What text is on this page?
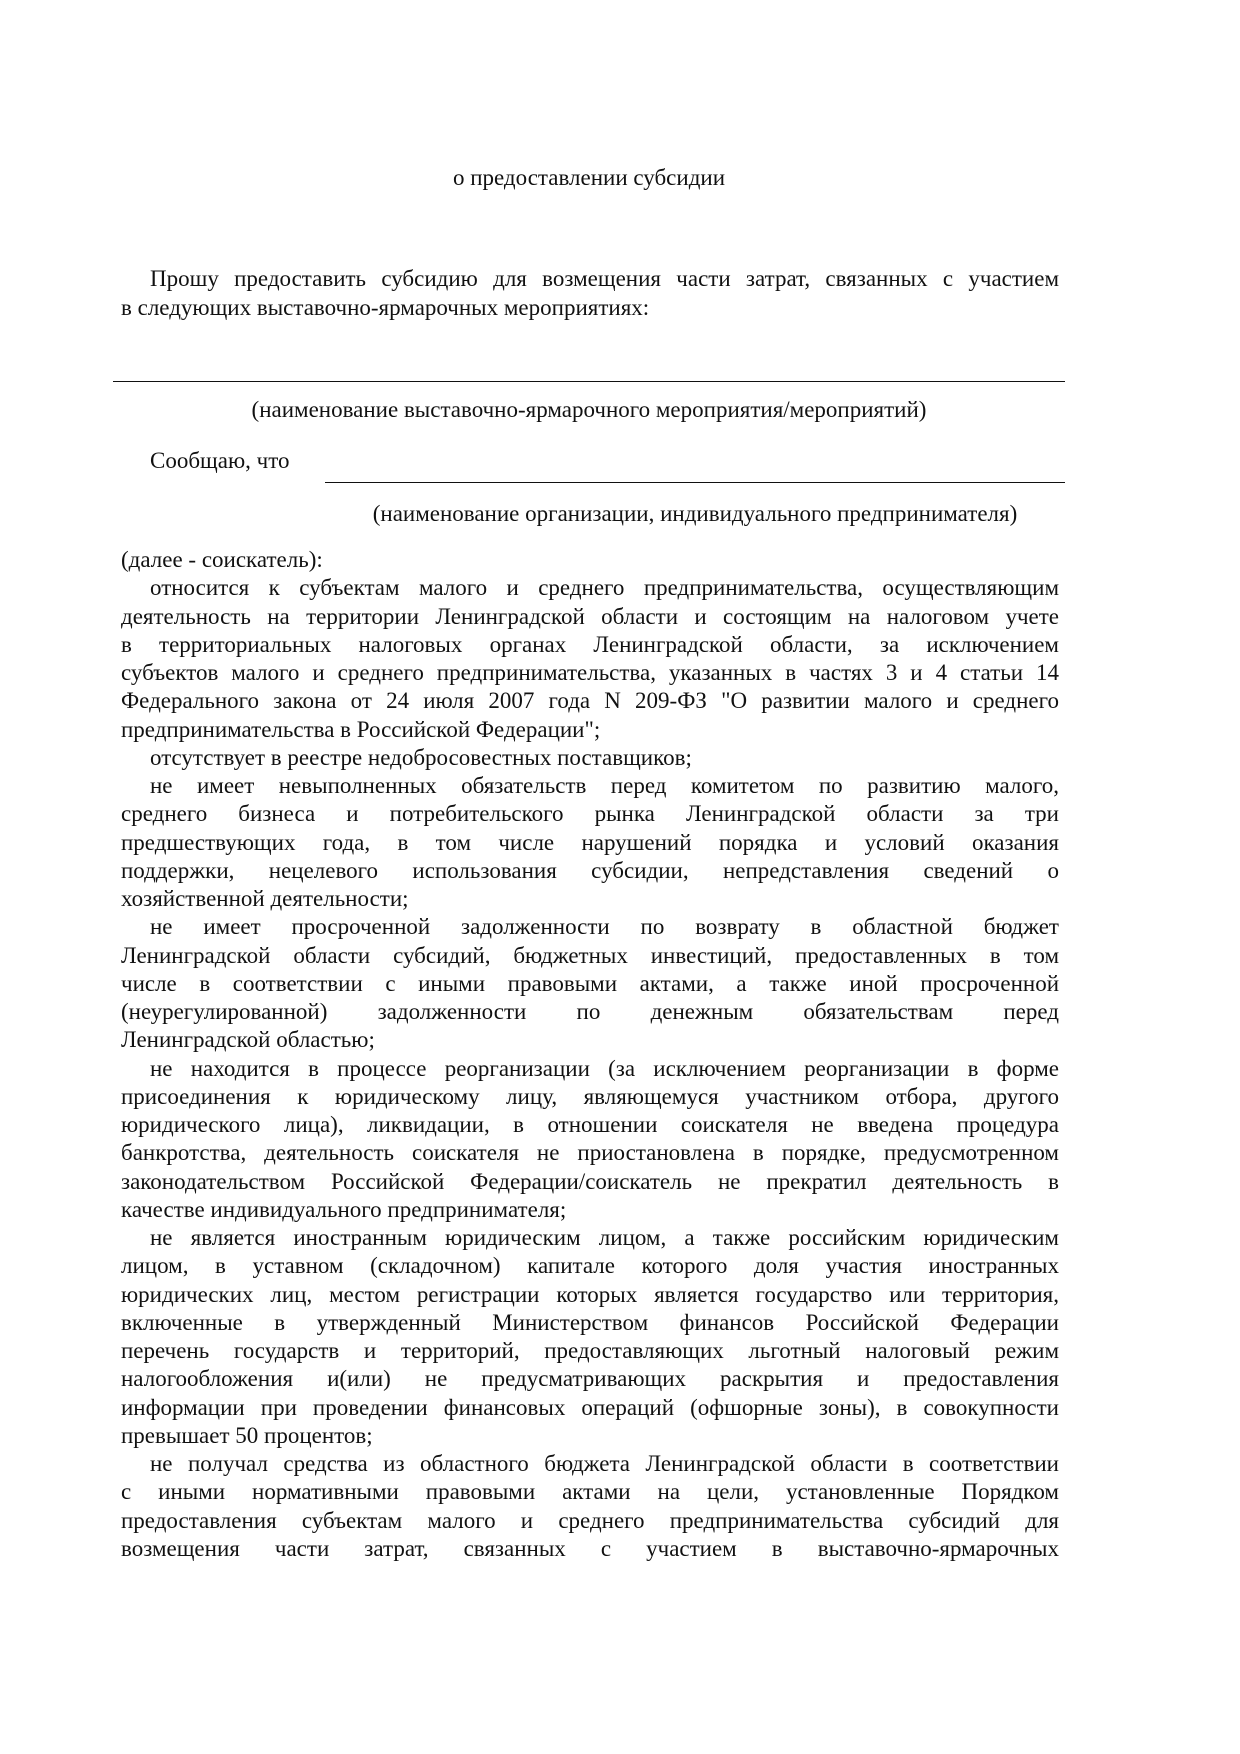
о предоставлении субсидии
Прошу предоставить субсидию для возмещения части затрат, связанных с участием
в следующих выставочно-ярмарочных мероприятиях:
(наименование выставочно-ярмарочного мероприятия/мероприятий)
Сообщаю, что
(наименование организации, индивидуального предпринимателя)
(далее - соискатель):
относится к субъектам малого и среднего предпринимательства, осуществляющим
деятельность на территории Ленинградской области и состоящим на налоговом учете
в территориальных налоговых органах Ленинградской области, за исключением
субъектов малого и среднего предпринимательства, указанных в частях 3 и 4 статьи 14
Федерального закона от 24 июля 2007 года N 209-ФЗ "О развитии малого и среднего
предпринимательства в Российской Федерации";
отсутствует в реестре недобросовестных поставщиков;
не имеет невыполненных обязательств перед комитетом по развитию малого,
среднего бизнеса и потребительского рынка Ленинградской области за три
предшествующих года, в том числе нарушений порядка и условий оказания
поддержки, нецелевого использования субсидии, непредставления сведений о
хозяйственной деятельности;
не имеет просроченной задолженности по возврату в областной бюджет
Ленинградской области субсидий, бюджетных инвестиций, предоставленных в том
числе в соответствии с иными правовыми актами, а также иной просроченной
(неурегулированной) задолженности по денежным обязательствам перед
Ленинградской областью;
не находится в процессе реорганизации (за исключением реорганизации в форме
присоединения к юридическому лицу, являющемуся участником отбора, другого
юридического лица), ликвидации, в отношении соискателя не введена процедура
банкротства, деятельность соискателя не приостановлена в порядке, предусмотренном
законодательством Российской Федерации/соискатель не прекратил деятельность в
качестве индивидуального предпринимателя;
не является иностранным юридическим лицом, а также российским юридическим
лицом, в уставном (складочном) капитале которого доля участия иностранных
юридических лиц, местом регистрации которых является государство или территория,
включенные в утвержденный Министерством финансов Российской Федерации
перечень государств и территорий, предоставляющих льготный налоговый режим
налогообложения и(или) не предусматривающих раскрытия и предоставления
информации при проведении финансовых операций (офшорные зоны), в совокупности
превышает 50 процентов;
не получал средства из областного бюджета Ленинградской области в соответствии
с иными нормативными правовыми актами на цели, установленные Порядком
предоставления субъектам малого и среднего предпринимательства субсидий для
возмещения части затрат, связанных с участием в выставочно-ярмарочных
